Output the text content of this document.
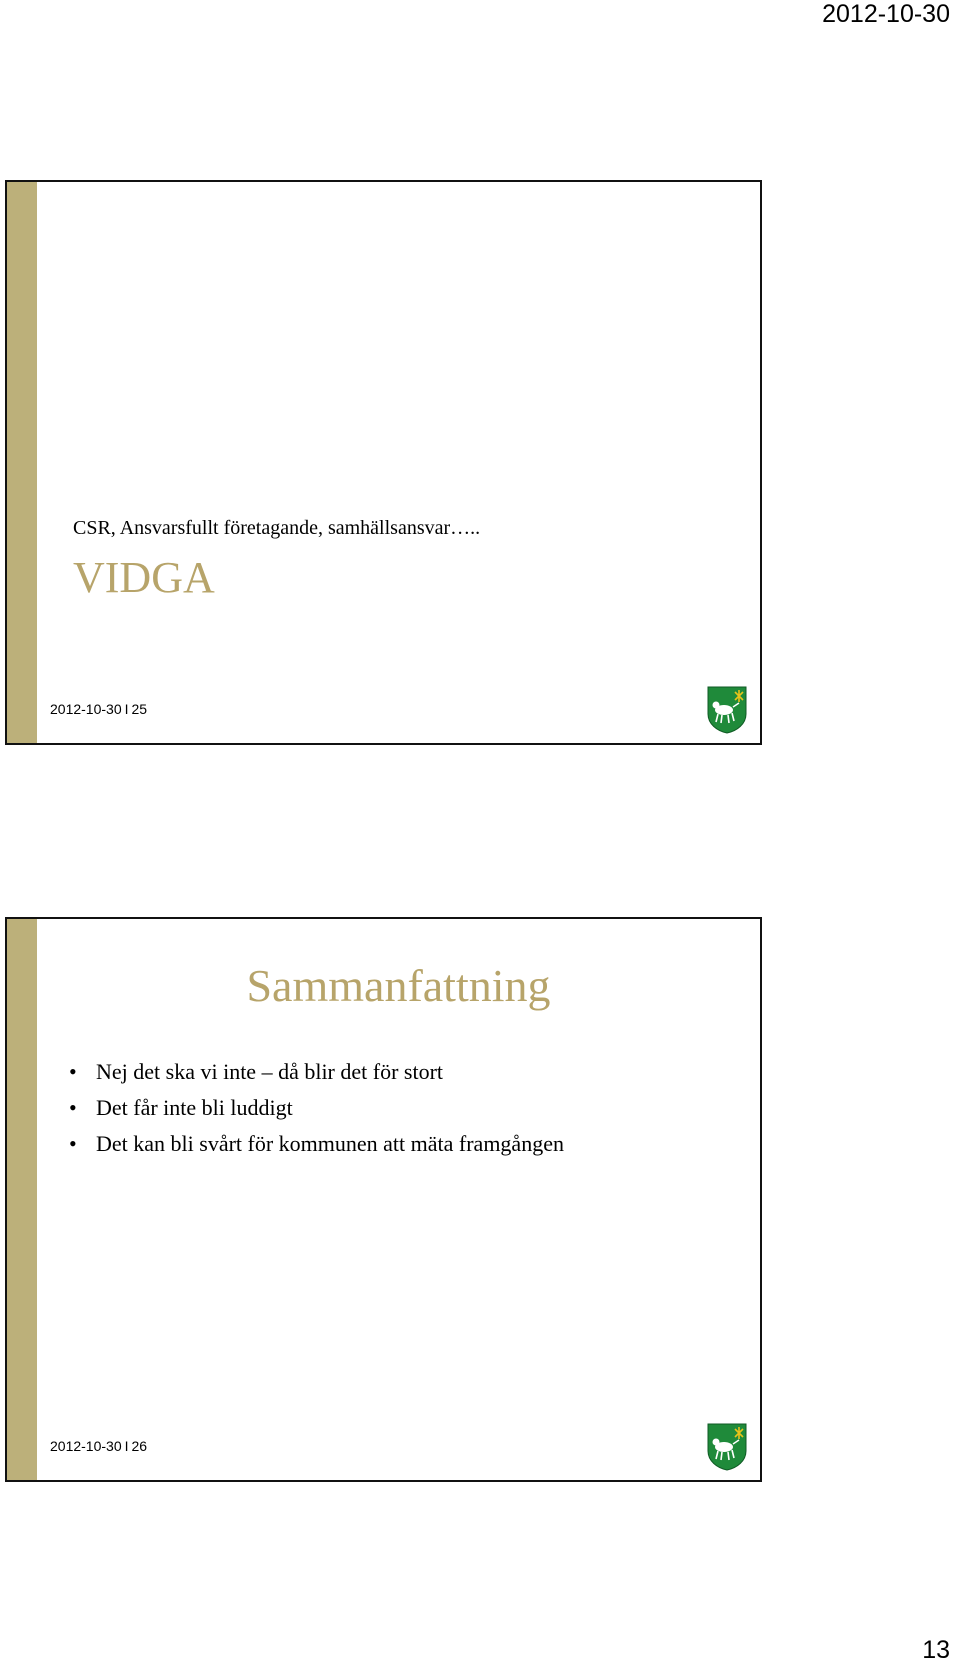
2012-10-30
CSR, Ansvarsfullt företagande, samhällsansvar…..
VIDGA
2012-10-30 I 25
Sammanfattning
• Nej det ska vi inte – då blir det för stort
• Det får inte bli luddigt
• Det kan bli svårt för kommunen att mäta framgången
2012-10-30 I 26
13
